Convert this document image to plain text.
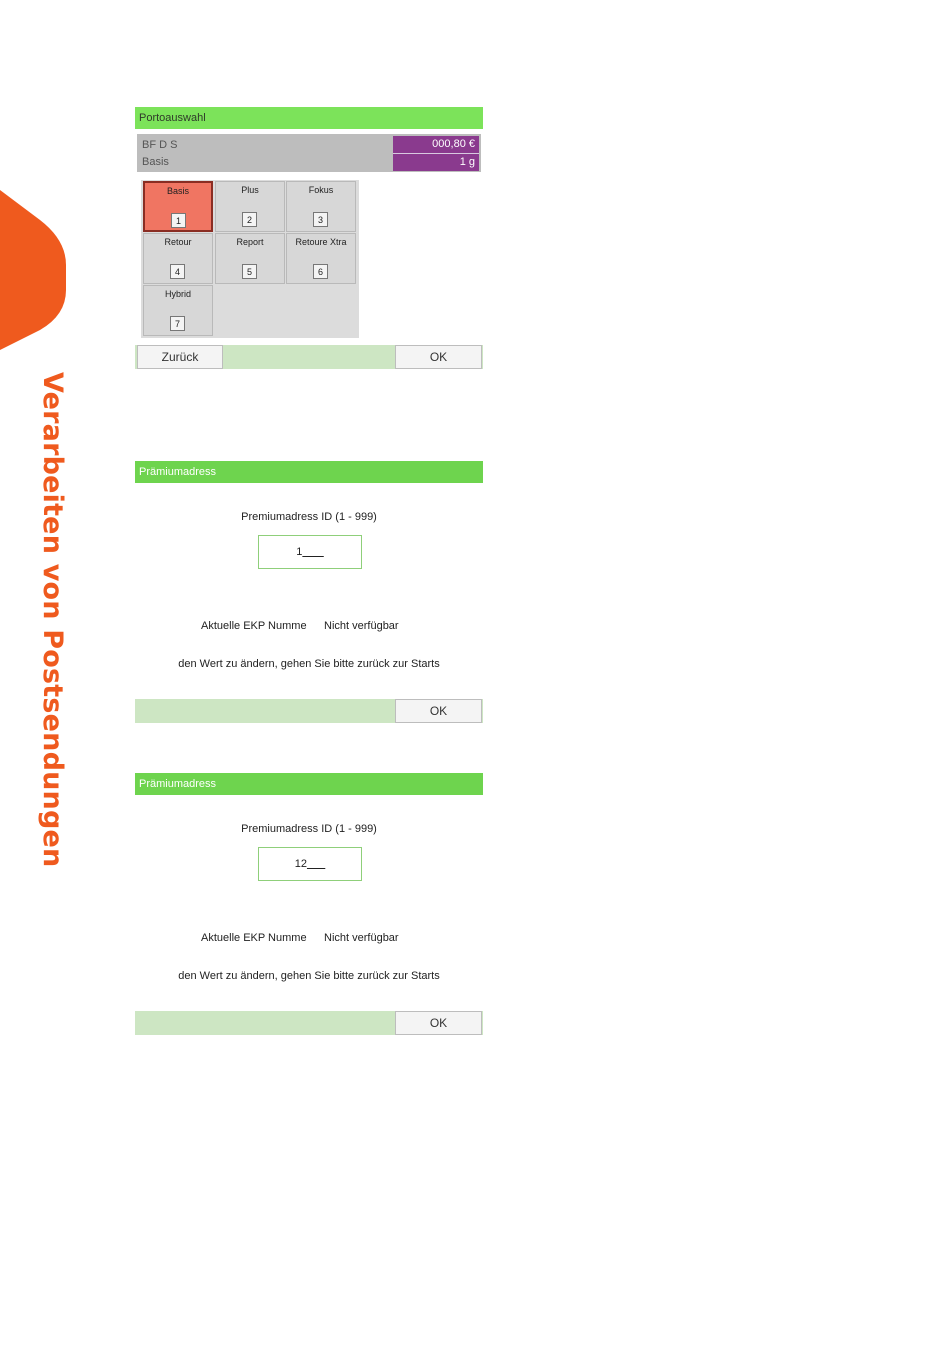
Verarbeiten von Postsendungen
Portoauswahl
BF D S
Basis
000,80 €
1 g
Basis
1
Plus
2
Fokus
3
Retour
4
Report
5
Retoure Xtra
6
Hybrid
7
Zurück	OK
Prämiumadress
Premiumadress ID (1 - 999)
1
Aktuelle EKP Numme Nicht verfügbar
den Wert zu ändern, gehen Sie bitte zurück zur Starts
OK
Prämiumadress
Premiumadress ID (1 - 999)
12
Aktuelle EKP Numme Nicht verfügbar
den Wert zu ändern, gehen Sie bitte zurück zur Starts
OK
